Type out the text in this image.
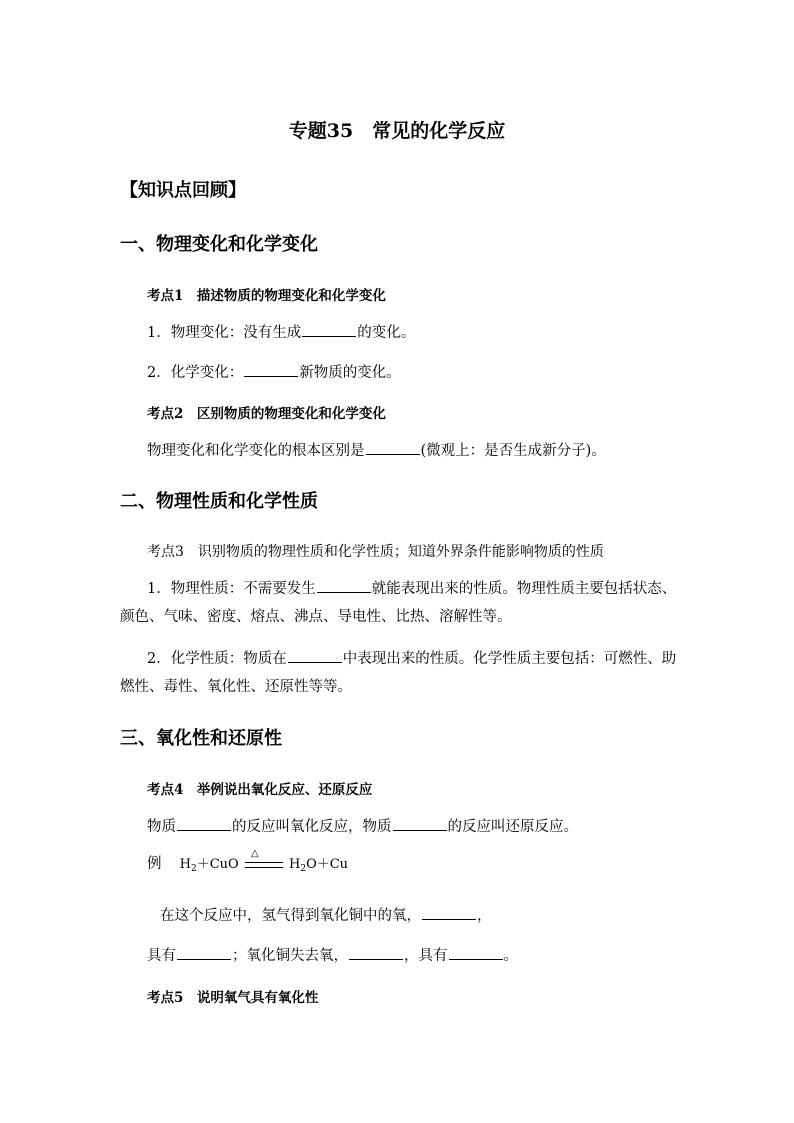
专题35　常见的化学反应
【知识点回顾】
一、物理变化和化学变化
考点1　描述物质的物理变化和化学变化
1．物理变化：没有生成	的变化。
2．化学变化：	新物质的变化。
考点2　区别物质的物理变化和化学变化
物理变化和化学变化的根本区别是	(微观上：是否生成新分子)。
二、物理性质和化学性质
考点3　识别物质的物理性质和化学性质；知道外界条件能影响物质的性质
1．物理性质：不需要发生	就能表现出来的性质。物理性质主要包括状态、颜色、气味、密度、熔点、沸点、导电性、比热、溶解性等。
2．化学性质：物质在	中表现出来的性质。化学性质主要包括：可燃性、助燃性、毒性、氧化性、还原性等等。
三、氧化性和还原性
考点4　举例说出氧化反应、还原反应
物质	的反应叫氧化反应，物质	的反应叫还原反应。
例 $H_2+CuO$
△
$H_2O+Cu$
在这个反应中，氢气得到氧化铜中的氧，	，
具有	；氧化铜失去氧，	，具有	。
考点5　说明氧气具有氧化性
